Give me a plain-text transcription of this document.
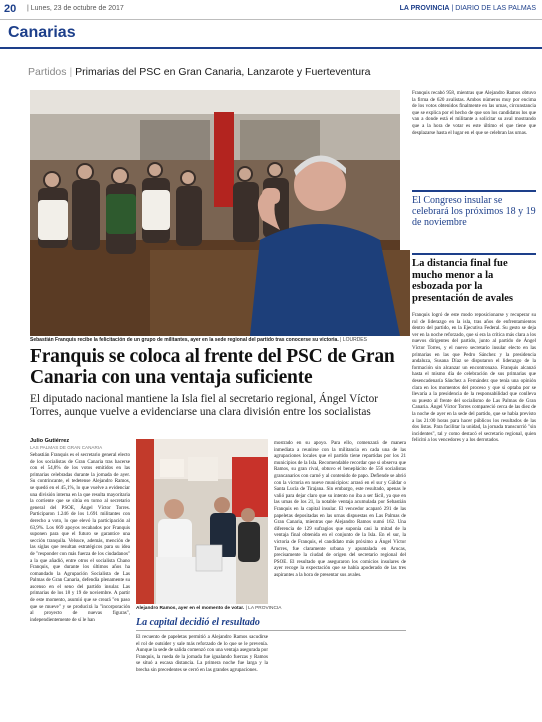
20 | Lunes, 23 de octubre de 2017	LA PROVINCIA | DIARIO DE LAS PALMAS
Canarias
Partidos | Primarias del PSC en Gran Canaria, Lanzarote y Fuerteventura
Sebastián Franquis recibe la felicitación de un grupo de militantes, ayer en la sede regional del partido tras conocerse su victoria. | LOURDES
Franquis se coloca al frente del PSC de Gran Canaria con una ventaja suficiente
El diputado nacional mantiene la Isla fiel al secretario regional, Ángel Víctor Torres, aunque vuelve a evidenciarse una clara división entre los socialistas
Julio Gutiérrez
LAS PALMAS DE GRAN CANARIA

Sebastián Franquis es el secretario general electo de los socialistas de Gran Canaria tras hacerse con el 54,8% de los votos emitidos en las primarias celebradas durante la jornada de ayer. Su contrincante, el tedetense Alejandro Ramos, se quedó en el 45,1%, lo que vuelve a evidenciar una división interna en la que resulta mayoritaria la corriente que se sitúa en torno al secretario general del PSOE, Ángel Víctor Torres. Participaron 1.246 de los 1.691 militantes con derecho a voto, lo que elevó la participación al 63,9%. Los 669 apoyos recabados por Franquis suponen para que el futuro se garantice una sección tranquila. Velsuce, además, mención de las siglas que resultan estratégicos para su idea de "responder con más fuerza de los ciudadanos" a la que añadió, entre otros el socialista Chano Franquis, que durante los últimos años ha comandado la Agrupación Socialista de Las Palmas de Gran Canaria, defendía plenamente su ascenso en el seno del partido insular. Las primarias de los 18 y 19 de noviembre. A partir de este momento, asumió que se creará "en paso que se mueve" y se producirá la "incorporación al proyecto de nuevas figuras", independientemente de sí le han

Alejandro Ramos, ayer en el momento de votar. | LA PROVINCIA
La capital decidió el resultado

El recuento de papeletas permitió a Alejandro Ramos sacudirse el rol de outsider y sale más reforzado de lo que se le prevenía. Aunque la sede de salida comenzó con una ventaja asegurada por Franquis, la rueda de la jornada fue igualando fuerzas y Ramos se situó a escasa distancia. La primera noche fue larga y la brecha sin precedentes se cerró en las grandes agrupaciones.

mostrado en su apoyo. Para ello, comenzará de manera inmediata a reunirse con la militancia en cada una de las agrupaciones locales que el partido tiene repartidas por los 21 municipios de la Isla. Recomendable recordar que si observa que Ramos, su gran rival, obtuvo el beneplácito de 556 socialistas grancanarios con carné y al contenido de papo. Defiende se abrió con la victoria en nueve municipios: arrasó en el sur y Gáldar o Santa Lucía de Tirajana. Sin embargo, este resultado, apenas le valió para dejar claro que su intento no iba a ser fácil, ya que en las urnas de los 21, la notable ventaja acumulada por Sebastián Franquis en la capital insular. El vencedor acaparó 291 de las papeletas depositadas en las urnas dispuestas en Las Palmas de Gran Canaria, mientras que Alejandro Ramos sumó 162. Una diferencia de 129 sufragios que suponía casi la mitad de la ventaja final obtenida en el conjunto de la Isla. En el sur, la victoria de Franquis, el candidato más próximo a Ángel Víctor Torres, fue claramente urbana y apuntalada en Arucas, precisamente la ciudad de origen del secretario regional del PSOE. El resultado que aseguraron los comicios insulares de ayer recoge la expectación que se había apoderado de las tres aspirantes a la hora de presentar sus avales.

Franquis recabó 958, mientras que Alejandro Ramos obtuvo la firma de 620 avalistas. Ambos números muy por encima de los votos obtenidos finalmente en las urnas, circunstancia que se explica por el hecho de que son los candidatos los que van a donde está el militante a solicitar su aval mostrando que a la hora de votar es este último el que tiene que desplazarse hasta el lugar en el que se celebran las urnas.

El Congreso insular se celebrará los próximos 18 y 19 de noviembre
La distancia final fue mucho menor a la esbozada por la presentación de avales

Franquis logró de este modo reposicionarse y recuperar su rol de liderazgo en la isla, tras años de enfrentamientos dentro del partido, en la Ejecutiva Federal. Su gesto se deja ver en la noche reforzado, que si era la crítica más clara a los nuevos dirigentes del partido, junto al partido de Ángel Víctor Torres, y el nuevo secretario insular electo en las primarias en las que Pedro Sánchez y la presidencia andaluza, Susana Díaz se disputaron el liderazgo de la formación sin alcanzar un encontronazo. Franquis alcanzó hasta el mismo día de celebración de sus primarias que desencadenaría Sánchez a Fernández que tenía una opinión clara en los momentos del proceso y que si optaba por se llevaría a la presidencia de la responsabilidad que conlleva su puesto al frente del socialismo de Las Palmas de Gran Canaria. Ángel Víctor Torres compareció cerca de las diez de la noche de ayer en la sede del partido, que se había previsto a las 21:00 horas para hacer públicos los resultados de las dos listas. Para facilitar la unidad, la jornada transcurrió "sin incidentes", tal y como destacó el secretario regional, quien felicitó a los vencedores y a los derrotados.
